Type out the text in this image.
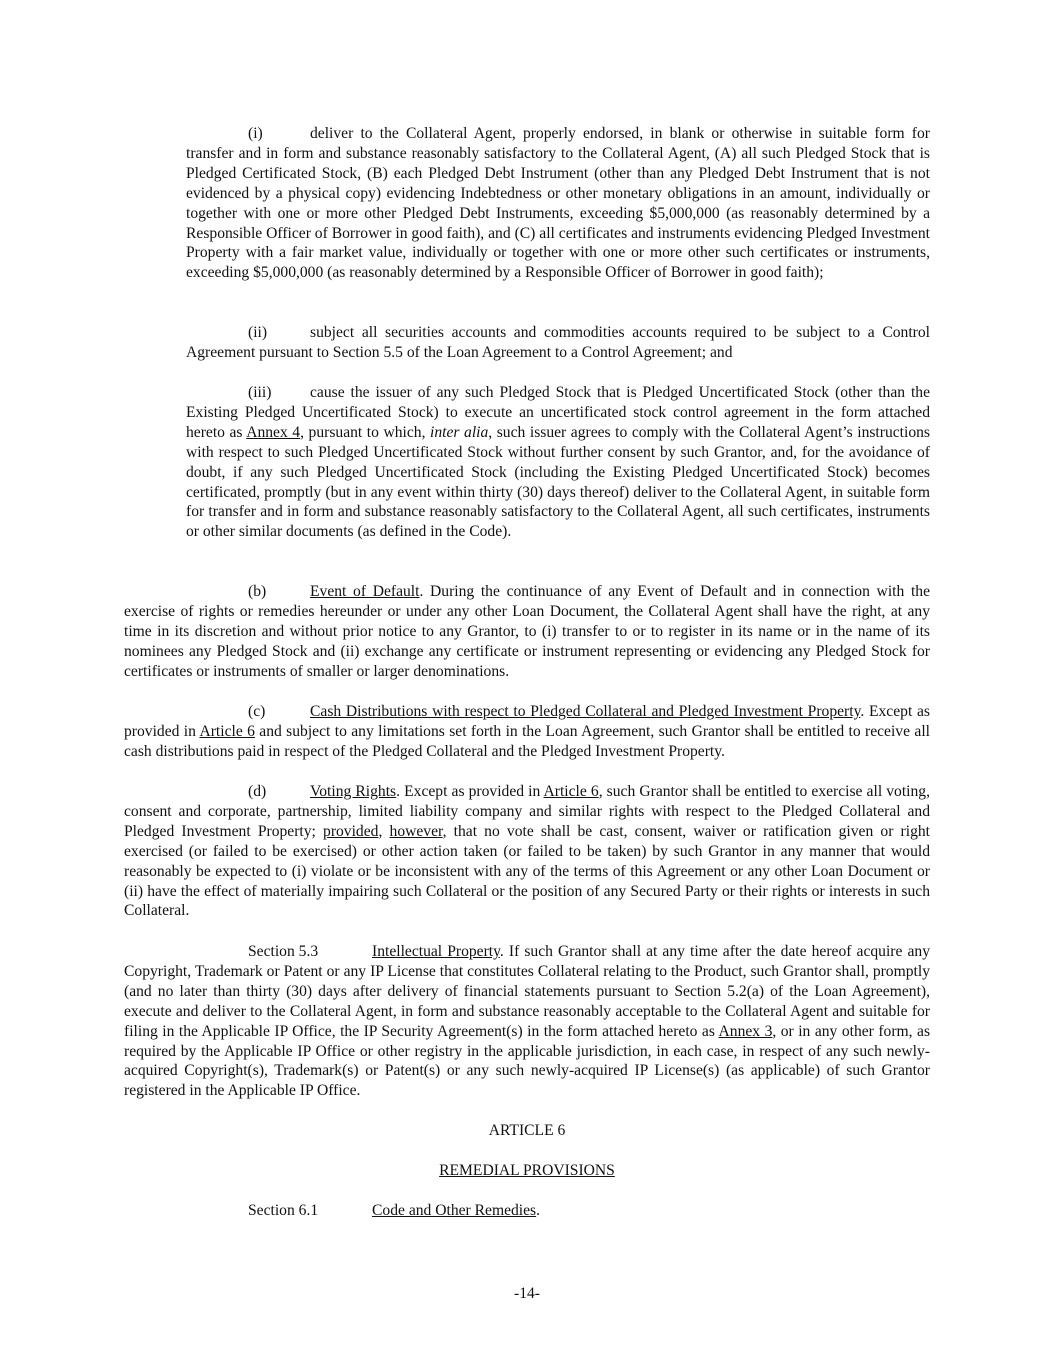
(i)	deliver to the Collateral Agent, properly endorsed, in blank or otherwise in suitable form for transfer and in form and substance reasonably satisfactory to the Collateral Agent, (A) all such Pledged Stock that is Pledged Certificated Stock, (B) each Pledged Debt Instrument (other than any Pledged Debt Instrument that is not evidenced by a physical copy) evidencing Indebtedness or other monetary obligations in an amount, individually or together with one or more other Pledged Debt Instruments, exceeding $5,000,000 (as reasonably determined by a Responsible Officer of Borrower in good faith), and (C) all certificates and instruments evidencing Pledged Investment Property with a fair market value, individually or together with one or more other such certificates or instruments, exceeding $5,000,000 (as reasonably determined by a Responsible Officer of Borrower in good faith);

(ii)	subject all securities accounts and commodities accounts required to be subject to a Control Agreement pursuant to Section 5.5 of the Loan Agreement to a Control Agreement; and

(iii) cause the issuer of any such Pledged Stock that is Pledged Uncertificated Stock (other than the Existing Pledged Uncertificated Stock) to execute an uncertificated stock control agreement in the form attached hereto as Annex 4, pursuant to which, inter alia, such issuer agrees to comply with the Collateral Agent’s instructions with respect to such Pledged Uncertificated Stock without further consent by such Grantor, and, for the avoidance of doubt, if any such Pledged Uncertificated Stock (including the Existing Pledged Uncertificated Stock) becomes certificated, promptly (but in any event within thirty (30) days thereof) deliver to the Collateral Agent, in suitable form for transfer and in form and substance reasonably satisfactory to the Collateral Agent, all such certificates, instruments or other similar documents (as defined in the Code).

(b)	Event of Default. During the continuance of any Event of Default and in connection with the exercise of rights or remedies hereunder or under any other Loan Document, the Collateral Agent shall have the right, at any time in its discretion and without prior notice to any Grantor, to (i) transfer to or to register in its name or in the name of its nominees any Pledged Stock and (ii) exchange any certificate or instrument representing or evidencing any Pledged Stock for certificates or instruments of smaller or larger denominations.

(c)	Cash Distributions with respect to Pledged Collateral and Pledged Investment Property. Except as provided in Article 6 and subject to any limitations set forth in the Loan Agreement, such Grantor shall be entitled to receive all cash distributions paid in respect of the Pledged Collateral and the Pledged Investment Property.

(d)	Voting Rights. Except as provided in Article 6, such Grantor shall be entitled to exercise all voting, consent and corporate, partnership, limited liability company and similar rights with respect to the Pledged Collateral and Pledged Investment Property; provided, however, that no vote shall be cast, consent, waiver or ratification given or right exercised (or failed to be exercised) or other action taken (or failed to be taken) by such Grantor in any manner that would reasonably be expected to (i) violate or be inconsistent with any of the terms of this Agreement or any other Loan Document or (ii) have the effect of materially impairing such Collateral or the position of any Secured Party or their rights or interests in such Collateral.

Section 5.3	Intellectual Property. If such Grantor shall at any time after the date hereof acquire any Copyright, Trademark or Patent or any IP License that constitutes Collateral relating to the Product, such Grantor shall, promptly (and no later than thirty (30) days after delivery of financial statements pursuant to Section 5.2(a) of the Loan Agreement), execute and deliver to the Collateral Agent, in form and substance reasonably acceptable to the Collateral Agent and suitable for filing in the Applicable IP Office, the IP Security Agreement(s) in the form attached hereto as Annex 3, or in any other form, as required by the Applicable IP Office or other registry in the applicable jurisdiction, in each case, in respect of any such newly-acquired Copyright(s), Trademark(s) or Patent(s) or any such newly-acquired IP License(s) (as applicable) of such Grantor registered in the Applicable IP Office.

ARTICLE 6

REMEDIAL PROVISIONS

Section 6.1	Code and Other Remedies.

-14-
